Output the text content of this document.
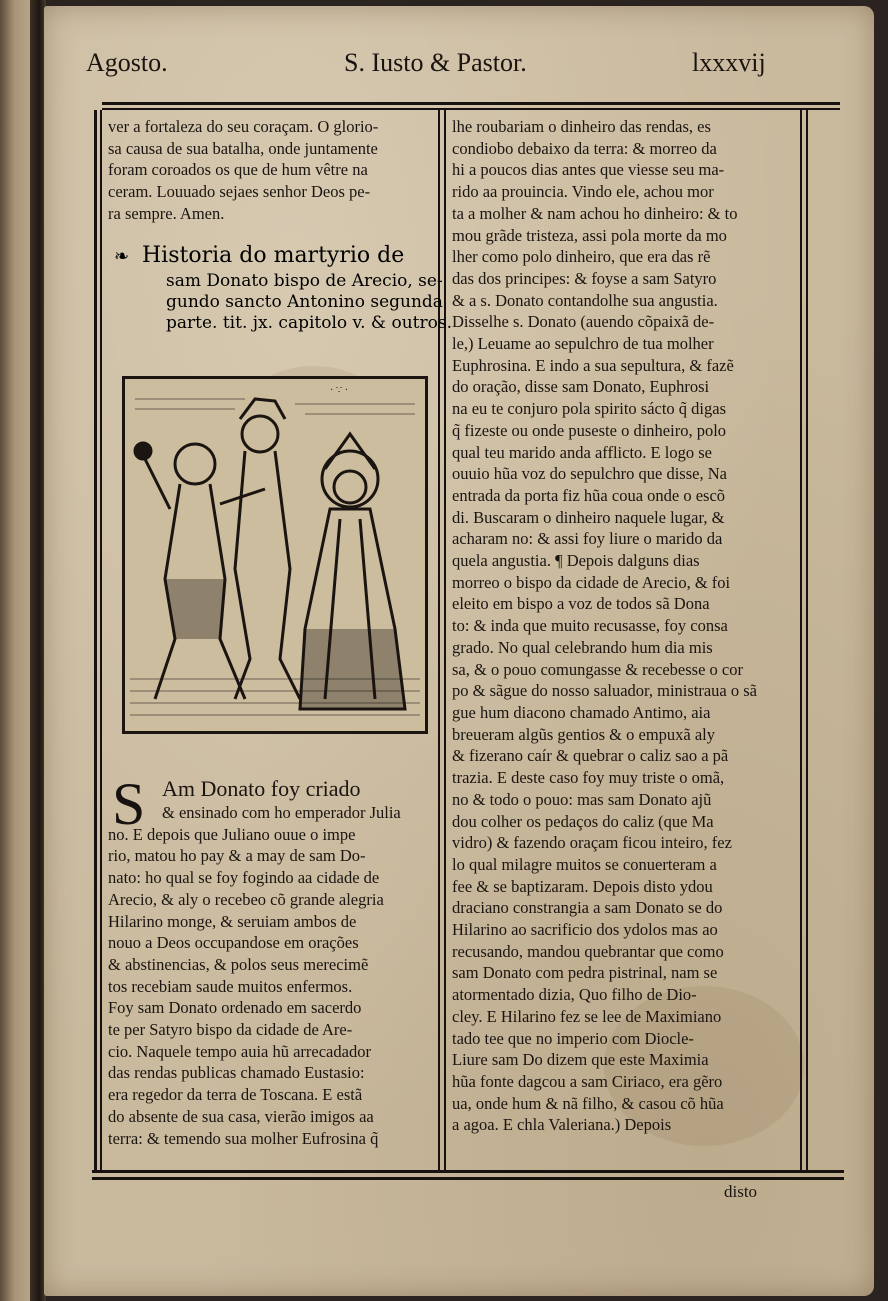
Agosto.	S. Iusto & Pastor.	lxxxvij
ver a fortaleza do seu coraçam. O glorio-
sa causa de sua batalha, onde juntamente
foram coroados os que de hum vêtre na
ceram. Louuado sejaes senhor Deos pe-
ra sempre. Amen.
❧ Historia do martyrio de
sam Donato bispo de Arecio, se-
gundo sancto Antonino segunda
parte. tit. jx. capitolo v. & outros.
· ∵ ·
S Am Donato foy criado
& ensinado com ho emperador Julia
no. E depois que Juliano ouue o impe
rio, matou ho pay & a may de sam Do-
nato: ho qual se foy fogindo aa cidade de
Arecio, & aly o recebeo cõ grande alegria
Hilarino monge, & seruiam ambos de
nouo a Deos occupandose em orações
& abstinencias, & polos seus merecimẽ
tos recebiam saude muitos enfermos.
Foy sam Donato ordenado em sacerdo
te per Satyro bispo da cidade de Are-
cio. Naquele tempo auia hũ arrecadador
das rendas publicas chamado Eustasio:
era regedor da terra de Toscana. E estã
do absente de sua casa, vierão imigos aa
terra: & temendo sua molher Eufrosina q̃
lhe roubariam o dinheiro das rendas, es
condiobo debaixo da terra: & morreo da
hi a poucos dias antes que viesse seu ma-
rido aa prouincia. Vindo ele, achou mor
ta a molher & nam achou ho dinheiro: & to
mou grãde tristeza, assi pola morte da mo
lher como polo dinheiro, que era das rẽ
das dos principes: & foyse a sam Satyro
& a s. Donato contandolhe sua angustia.
Disselhe s. Donato (auendo cõpaixã de-
le,) Leuame ao sepulchro de tua molher
Euphrosina. E indo a sua sepultura, & fazẽ
do oração, disse sam Donato, Euphrosi
na eu te conjuro pola spirito sácto q̃ digas
q̃ fizeste ou onde puseste o dinheiro, polo
qual teu marido anda afflicto. E logo se
ouuio hũa voz do sepulchro que disse, Na
entrada da porta fiz hũa coua onde o escõ
di. Buscaram o dinheiro naquele lugar, &
acharam no: & assi foy liure o marido da
quela angustia. ¶ Depois dalguns dias
morreo o bispo da cidade de Arecio, & foi
eleito em bispo a voz de todos sã Dona
to: & inda que muito recusasse, foy consa
grado. No qual celebrando hum dia mis
sa, & o pouo comungasse & recebesse o cor
po & sãgue do nosso saluador, ministraua o sã
gue hum diacono chamado Antimo, aia
breueram algũs gentios & o empuxã aly
& fizerano caír & quebrar o caliz sao a pã
trazia. E deste caso foy muy triste o omã,
no & todo o pouo: mas sam Donato ajũ
dou colher os pedaços do caliz (que Ma
vidro) & fazendo oraçam ficou inteiro, fez
lo qual milagre muitos se conuerteram a
fee & se baptizaram. Depois disto ydou
draciano constrangia a sam Donato se do
Hilarino ao sacrificio dos ydolos mas ao
recusando, mandou quebrantar que como
sam Donato com pedra pistrinal, nam se
atormentado dizia, Quo filho de Dio-
cley. E Hilarino fez se lee de Maximiano
tado tee que no imperio com Diocle-
Liure sam Do dizem que este Maximia
hũa fonte dagcou a sam Ciriaco, era gẽro
ua, onde hum & nã filho, & casou cõ hũa
a agoa. E chla Valeriana.) Depois
disto
